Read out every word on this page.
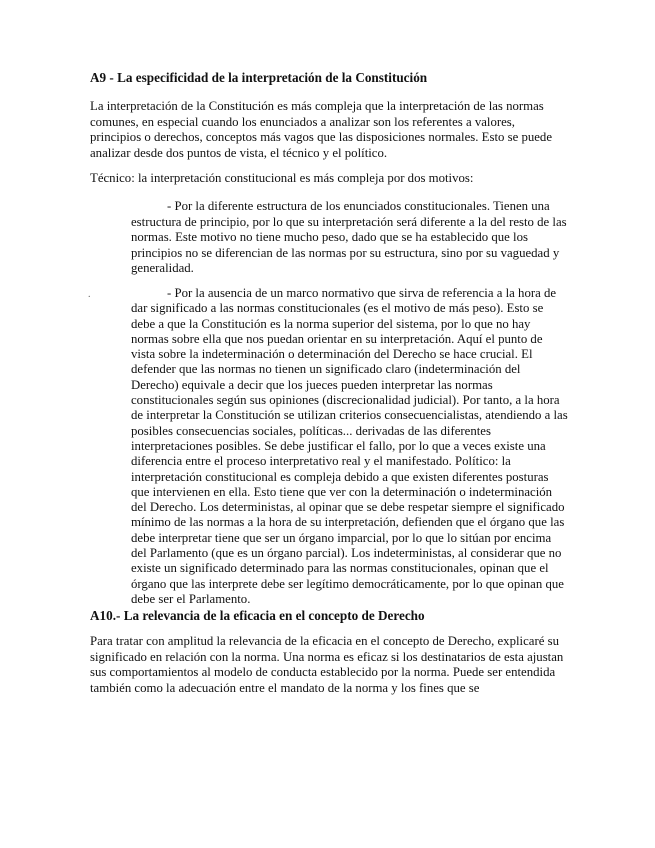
A9 - La especificidad de la interpretación de la Constitución

La interpretación de la Constitución es más compleja que la interpretación de las normas comunes, en especial cuando los enunciados a analizar son los referentes a valores, principios o derechos, conceptos más vagos que las disposiciones normales. Esto se puede analizar desde dos puntos de vista, el técnico y el político.

Técnico: la interpretación constitucional es más compleja por dos motivos:

- Por la diferente estructura de los enunciados constitucionales. Tienen una estructura de principio, por lo que su interpretación será diferente a la del resto de las normas. Este motivo no tiene mucho peso, dado que se ha establecido que los principios no se diferencian de las normas por su estructura, sino por su vaguedad y generalidad.

.	- Por la ausencia de un marco normativo que sirva de referencia a la hora de dar significado a las normas constitucionales (es el motivo de más peso). Esto se debe a que la Constitución es la norma superior del sistema, por lo que no hay normas sobre ella que nos puedan orientar en su interpretación. Aquí el punto de vista sobre la indeterminación o determinación del Derecho se hace crucial. El defender que las normas no tienen un significado claro (indeterminación del Derecho) equivale a decir que los jueces pueden interpretar las normas constitucionales según sus opiniones (discrecionalidad judicial). Por tanto, a la hora de interpretar la Constitución se utilizan criterios consecuencialistas, atendiendo a las posibles consecuencias sociales, políticas... derivadas de las diferentes interpretaciones posibles. Se debe justificar el fallo, por lo que a veces existe una diferencia entre el proceso interpretativo real y el manifestado. Político: la interpretación constitucional es compleja debido a que existen diferentes posturas que intervienen en ella. Esto tiene que ver con la determinación o indeterminación del Derecho. Los deterministas, al opinar que se debe respetar siempre el significado mínimo de las normas a la hora de su interpretación, defienden que el órgano que las debe interpretar tiene que ser un órgano imparcial, por lo que lo sitúan por encima del Parlamento (que es un órgano parcial). Los indeterministas, al considerar que no existe un significado determinado para las normas constitucionales, opinan que el órgano que las interprete debe ser legítimo democráticamente, por lo que opinan que debe ser el Parlamento.

A10.- La relevancia de la eficacia en el concepto de Derecho

Para tratar con amplitud la relevancia de la eficacia en el concepto de Derecho, explicaré su significado en relación con la norma. Una norma es eficaz si los destinatarios de esta ajustan sus comportamientos al modelo de conducta establecido por la norma. Puede ser entendida también como la adecuación entre el mandato de la norma y los fines que se
